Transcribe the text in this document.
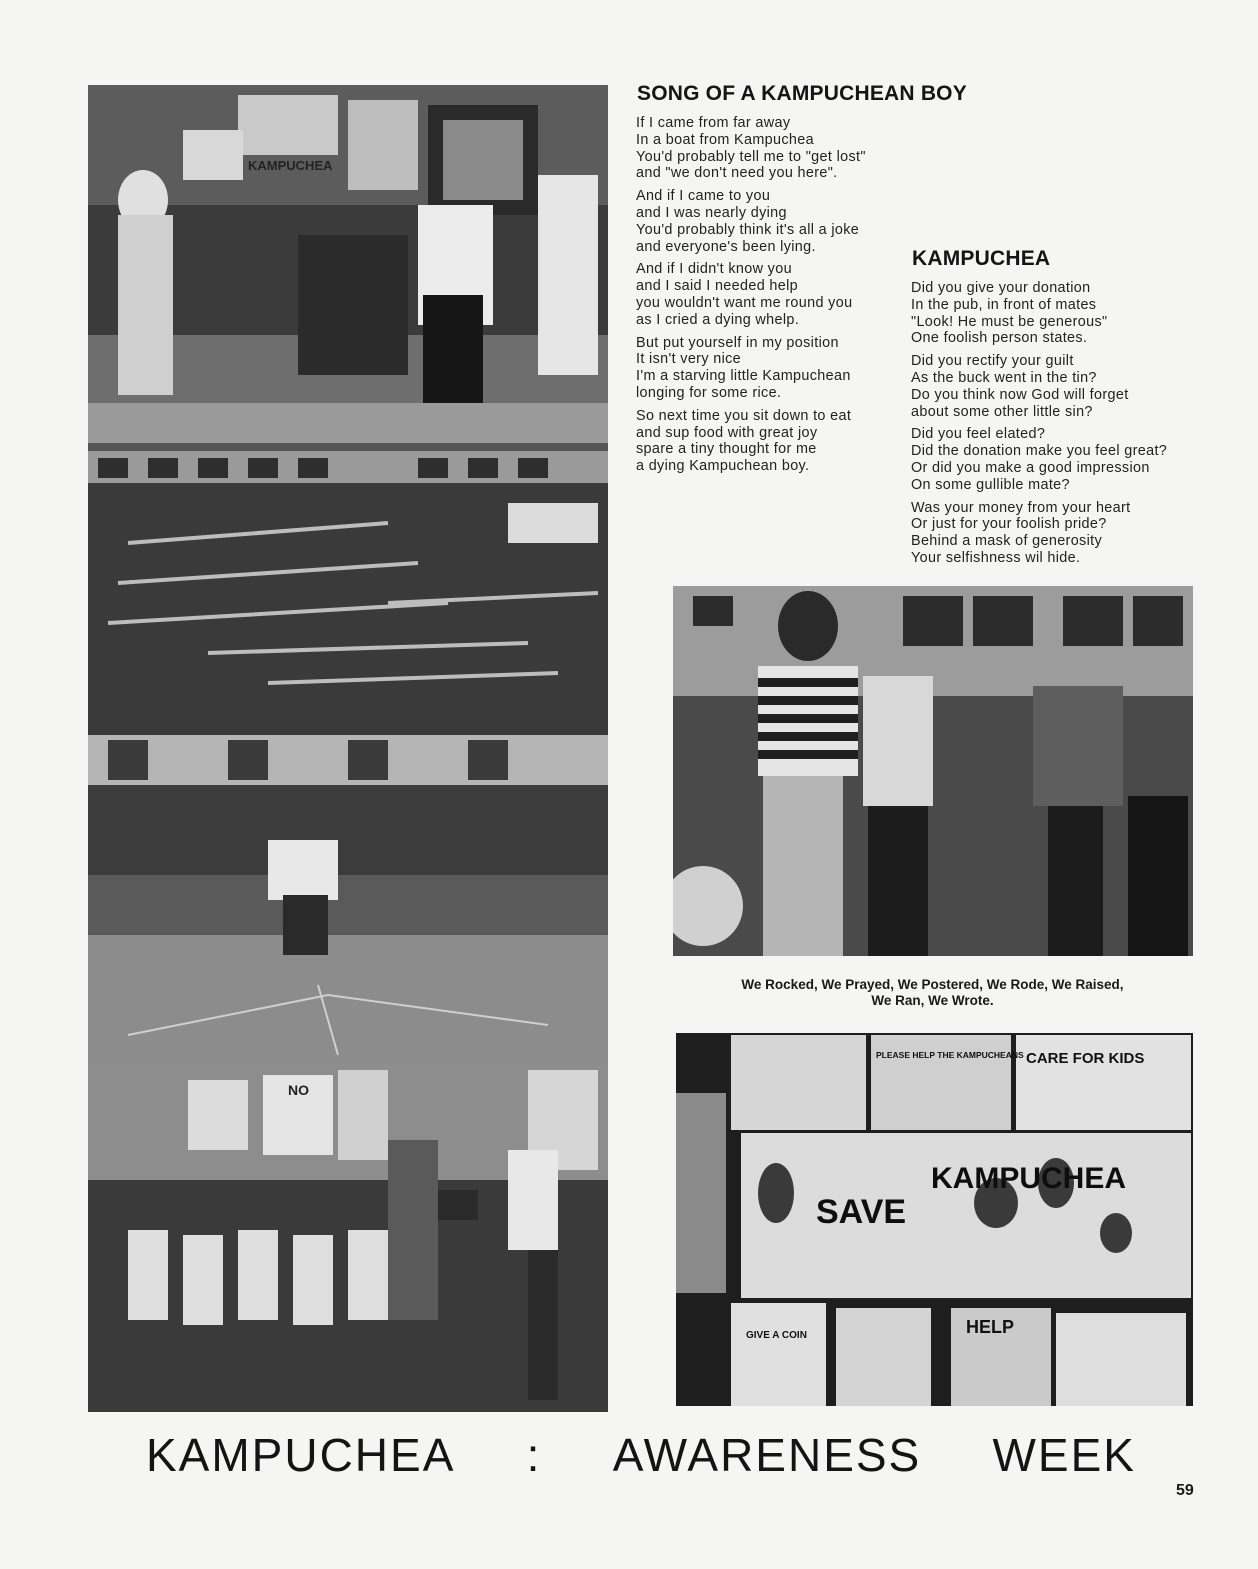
KAMPUCHEA
NO
SONG OF A KAMPUCHEAN BOY
If I came from far away
In a boat from Kampuchea
You'd probably tell me to "get lost"
and "we don't need you here".
And if I came to you
and I was nearly dying
You'd probably think it's all a joke
and everyone's been lying.
And if I didn't know you
and I said I needed help
you wouldn't want me round you
as I cried a dying whelp.
But put yourself in my position
It isn't very nice
I'm a starving little Kampuchean
longing for some rice.
So next time you sit down to eat
and sup food with great joy
spare a tiny thought for me
a dying Kampuchean boy.
KAMPUCHEA
Did you give your donation
In the pub, in front of mates
"Look! He must be generous"
One foolish person states.
Did you rectify your guilt
As the buck went in the tin?
Do you think now God will forget
about some other little sin?
Did you feel elated?
Did the donation make you feel great?
Or did you make a good impression
On some gullible mate?
Was your money from your heart
Or just for your foolish pride?
Behind a mask of generosity
Your selfishness wil hide.
We Rocked, We Prayed, We Postered, We Rode, We Raised,
We Ran, We Wrote.
CARE FOR KIDS
PLEASE HELP THE KAMPUCHEANS
SAVE
KAMPUCHEA
GIVE A COIN	HELP
KAMPUCHEA : AWARENESS WEEK
59
